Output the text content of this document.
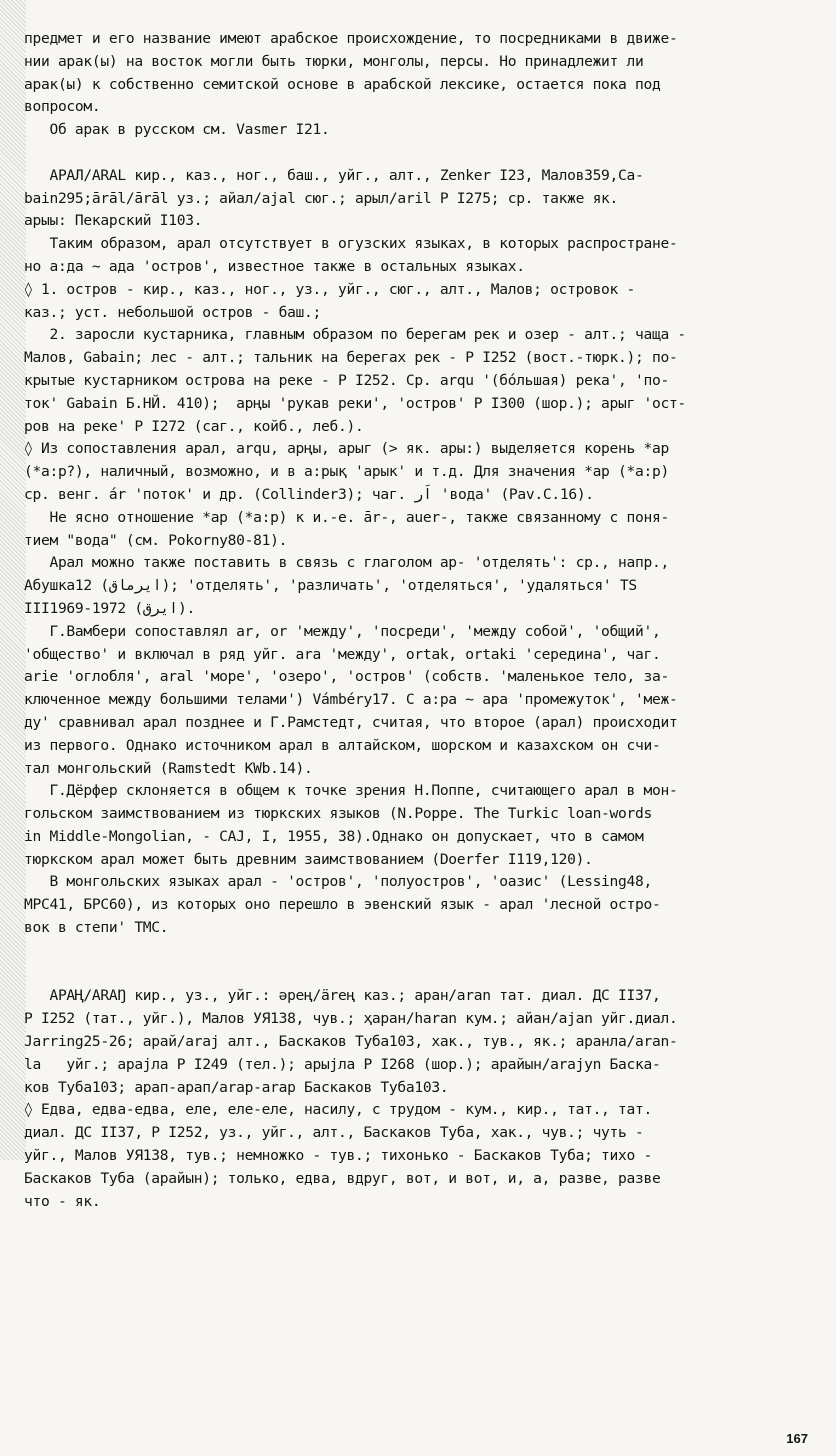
предмет и его название имеют арабское происхождение, то посредниками в движе-
нии арак(ы) на восток могли быть тюрки, монголы, персы. Но принадлежит ли
арак(ы) к собственно семитской основе в арабской лексике, остается пока под
вопросом.
Об арак в русском см. Vasmer I21.
АРАЛ/ARAL кир., каз., ног., баш., уйг., алт., Zenker I23, Малов359,Ca-
bain295;ārāl/ārāl уз.; айал/ajal сюг.; арыл/aril P I275; ср. также як.
арыы: Пекарский I103.
Таким образом, арал отсутствует в огузских языках, в которых распростране-
но а:да ~ ада 'остров', известное также в остальных языках.
◊ 1. остров - кир., каз., ног., уз., уйг., сюг., алт., Малов; островок -
каз.; уст. небольшой остров - баш.;
2. заросли кустарника, главным образом по берегам рек и озер - алт.; чаща -
Малов, Gabain; лес - алт.; тальник на берегах рек - P I252 (вост.-тюрк.); по-
крытые кустарником острова на реке - P I252. Ср. arqu '(бо́льшая) река', 'по-
ток' Gabain Б.НЙ. 410);  арңы 'рукав реки', 'остров' P I300 (шор.); арыг 'ост-
ров на реке' P I272 (саг., койб., леб.).
◊ Из сопоставления арал, arqu, арңы, арыг (> як. ары:) выделяется корень *ар
(*а:р?), наличный, возможно, и в а:рық 'арык' и т.д. Для значения *ар (*а:р)
ср. венг. ár 'поток' и др. (Collinder3); чаг. اَر 'вода' (Pav.C.16).
Не ясно отношение *ар (*а:р) к и.-е. ār-, auer-, также связанному с поня-
тием "вода" (см. Pokorny80-81).
Арал можно также поставить в связь с глаголом ар- 'отделять': ср., напр.,
Абушка12 (ايرماق); 'отделять', 'различать', 'отделяться', 'удаляться' TS
III1969-1972 (ايرق).
Г.Вамбери сопоставлял ar, or 'между', 'посреди', 'между собой', 'общий',
'общество' и включал в ряд уйг. ara 'между', ortak, ortaki 'середина', чаг.
arie 'оглобля', aral 'море', 'озеро', 'остров' (собств. 'маленькое тело, за-
ключенное между большими телами') Vámbéry17. С а:ра ~ ара 'промежуток', 'меж-
ду' сравнивал арал позднее и Г.Рамстедт, считая, что второе (арал) происходит
из первого. Однако источником арал в алтайском, шорском и казахском он счи-
тал монгольский (Ramstedt KWb.14).
Г.Дёрфер склоняется в общем к точке зрения Н.Поппе, считающего арал в мон-
гольском заимствованием из тюркских языков (N.Poppe. The Turkic loan-words
in Middle-Mongolian, - CAJ, I, 1955, 38).Однако он допускает, что в самом
тюркском арал может быть древним заимствованием (Doerfer I119,120).
В монгольских языках арал - 'остров', 'полуостров', 'оазис' (Lessing48,
МРС41, БРС60), из которых оно перешло в эвенский язык - арал 'лесной остро-
вок в степи' ТМС.
АРАҢ/ARAŊ кир., уз., уйг.: әрең/ärең каз.; аран/aran тат. диал. ДС II37,
P I252 (тат., уйг.), Малов УЯ138, чув.; ҳаран/haran кум.; айан/ajan уйг.диал.
Jarring25-26; арай/araj алт., Баскаков Туба103, хак., тув., як.; аранла/aran-
la   уйг.; арајла P I249 (тел.); арыјла P I268 (шор.); арайын/arajyn Баска-
ков Туба103; арап-арап/arap-arap Баскаков Туба103.
◊ Едва, едва-едва, еле, еле-еле, насилу, с трудом - кум., кир., тат., тат.
диал. ДС II37, P I252, уз., уйг., алт., Баскаков Туба, хак., чув.; чуть -
уйг., Малов УЯ138, тув.; немножко - тув.; тихонько - Баскаков Туба; тихо -
Баскаков Туба (арайын); только, едва, вдруг, вот, и вот, и, а, разве, разве
что - як.
167
